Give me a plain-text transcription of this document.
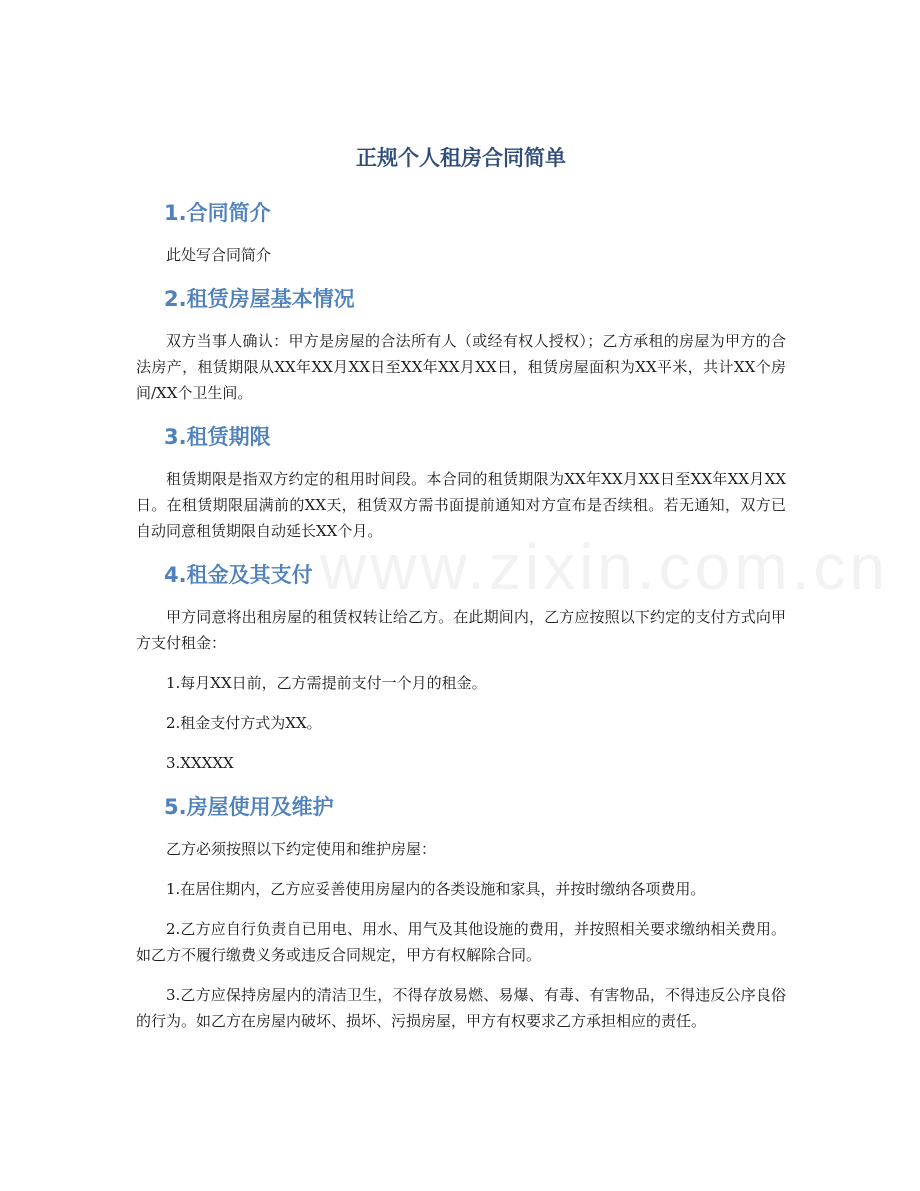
www.zixin.com.cn
正规个人租房合同简单
1.合同简介

此处写合同简介

2.租赁房屋基本情况

双方当事人确认：甲方是房屋的合法所有人（或经有权人授权）；乙方承租的房屋为甲方的合法房产，租赁期限从XX年XX月XX日至XX年XX月XX日，租赁房屋面积为XX平米，共计XX个房间/XX个卫生间。

3.租赁期限

租赁期限是指双方约定的租用时间段。本合同的租赁期限为XX年XX月XX日至XX年XX月XX日。在租赁期限届满前的XX天，租赁双方需书面提前通知对方宣布是否续租。若无通知，双方已自动同意租赁期限自动延长XX个月。

4.租金及其支付

甲方同意将出租房屋的租赁权转让给乙方。在此期间内，乙方应按照以下约定的支付方式向甲方支付租金：

1.每月XX日前，乙方需提前支付一个月的租金。

2.租金支付方式为XX。

3.XXXXX

5.房屋使用及维护

乙方必须按照以下约定使用和维护房屋：

1.在居住期内，乙方应妥善使用房屋内的各类设施和家具，并按时缴纳各项费用。

2.乙方应自行负责自已用电、用水、用气及其他设施的费用，并按照相关要求缴纳相关费用。如乙方不履行缴费义务或违反合同规定，甲方有权解除合同。

3.乙方应保持房屋内的清洁卫生，不得存放易燃、易爆、有毒、有害物品，不得违反公序良俗的行为。如乙方在房屋内破坏、损坏、污损房屋，甲方有权要求乙方承担相应的责任。
